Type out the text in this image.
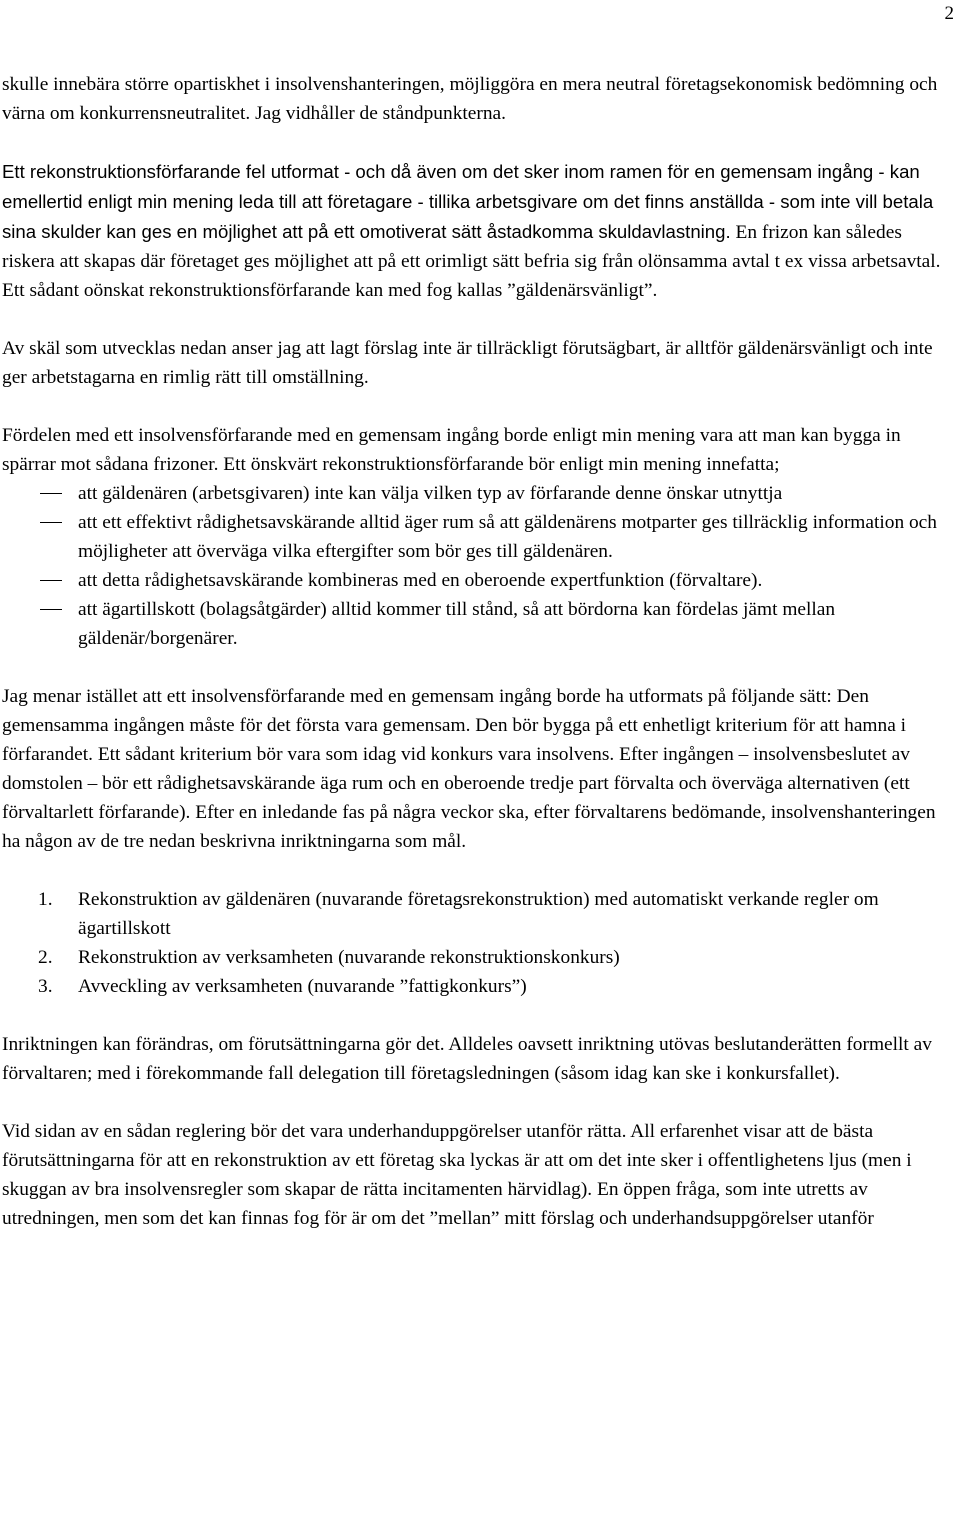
2

skulle innebära större opartiskhet i insolvenshanteringen, möjliggöra en mera neutral företagsekonomisk bedömning och värna om konkurrensneutralitet. Jag vidhåller de ståndpunkterna.

Ett rekonstruktionsförfarande fel utformat - och då även om det sker inom ramen för en gemensam ingång - kan emellertid enligt min mening leda till att företagare - tillika arbetsgivare om det finns anställda - som inte vill betala sina skulder kan ges en möjlighet att på ett omotiverat sätt åstadkomma skuldavlastning. En frizon kan således riskera att skapas där företaget ges möjlighet att på ett orimligt sätt befria sig från olönsamma avtal t ex vissa arbetsavtal. Ett sådant oönskat rekonstruktionsförfarande kan med fog kallas ”gäldenärsvänligt”.

Av skäl som utvecklas nedan anser jag att lagt förslag inte är tillräckligt förutsägbart, är alltför gäldenärsvänligt och inte ger arbetstagarna en rimlig rätt till omställning.

Fördelen med ett insolvensförfarande med en gemensam ingång borde enligt min mening vara att man kan bygga in spärrar mot sådana frizoner. Ett önskvärt rekonstruktionsförfarande bör enligt min mening innefatta;
att gäldenären (arbetsgivaren) inte kan välja vilken typ av förfarande denne önskar utnyttja
att ett effektivt rådighetsavskärande alltid äger rum så att gäldenärens motparter ges tillräcklig information och möjligheter att överväga vilka eftergifter som bör ges till gäldenären.
att detta rådighetsavskärande kombineras med en oberoende expertfunktion (förvaltare).
att ägartillskott (bolagsåtgärder) alltid kommer till stånd, så att bördorna kan fördelas jämt mellan gäldenär/borgenärer.

Jag menar istället att ett insolvensförfarande med en gemensam ingång borde ha utformats på följande sätt: Den gemensamma ingången måste för det första vara gemensam. Den bör bygga på ett enhetligt kriterium för att hamna i förfarandet. Ett sådant kriterium bör vara som idag vid konkurs vara insolvens. Efter ingången – insolvensbeslutet av domstolen – bör ett rådighetsavskärande äga rum och en oberoende tredje part förvalta och överväga alternativen (ett förvaltarlett förfarande). Efter en inledande fas på några veckor ska, efter förvaltarens bedömande, insolvenshanteringen ha någon av de tre nedan beskrivna inriktningarna som mål.

1. Rekonstruktion av gäldenären (nuvarande företagsrekonstruktion) med automatiskt verkande regler om ägartillskott
2. Rekonstruktion av verksamheten (nuvarande rekonstruktionskonkurs)
3. Avveckling av verksamheten (nuvarande ”fattigkonkurs”)

Inriktningen kan förändras, om förutsättningarna gör det. Alldeles oavsett inriktning utövas beslutanderätten formellt av förvaltaren; med i förekommande fall delegation till företagsledningen (såsom idag kan ske i konkursfallet).

Vid sidan av en sådan reglering bör det vara underhanduppgörelser utanför rätta. All erfarenhet visar att de bästa förutsättningarna för att en rekonstruktion av ett företag ska lyckas är att om det inte sker i offentlighetens ljus (men i skuggan av bra insolvensregler som skapar de rätta incitamenten härvidlag). En öppen fråga, som inte utretts av utredningen, men som det kan finnas fog för är om det ”mellan” mitt förslag och underhandsuppgörelser utanför
